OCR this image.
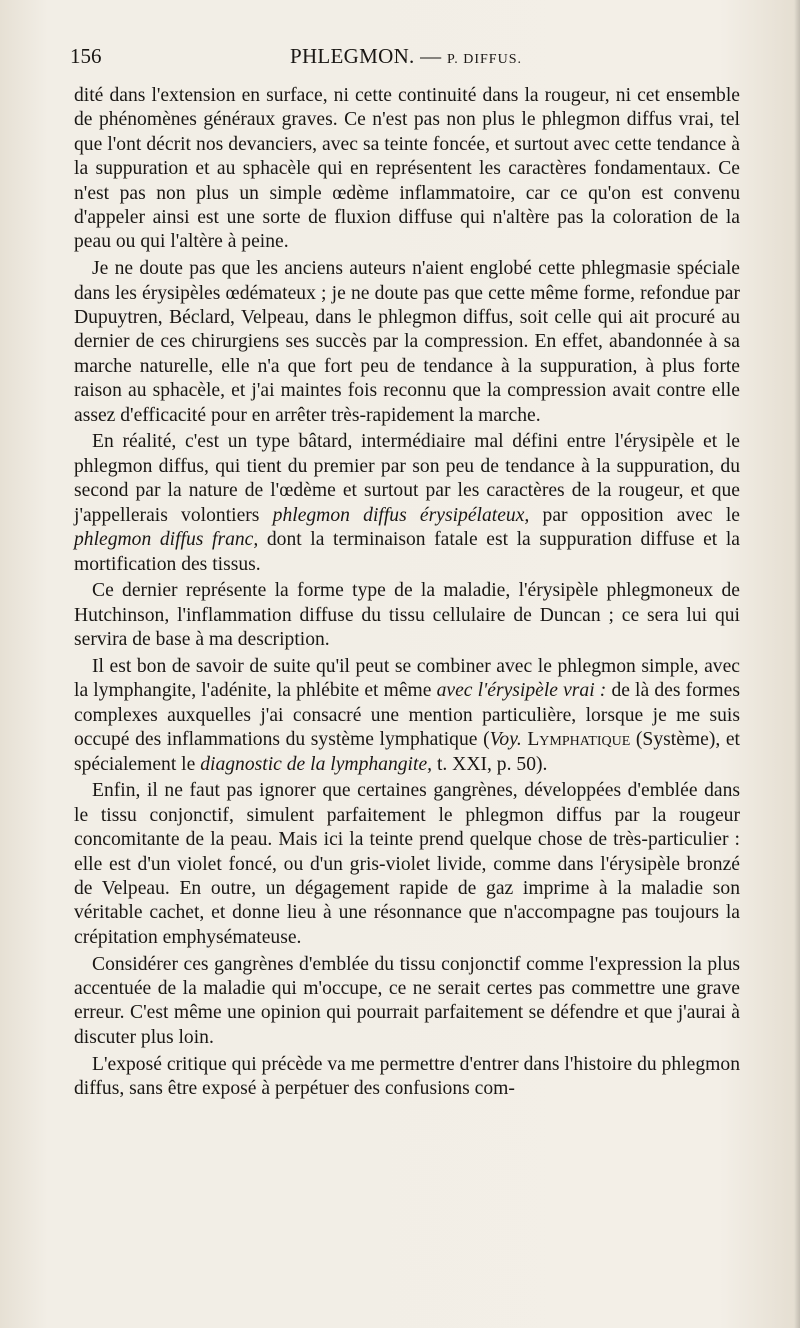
156	PHLEGMON. — P. DIFFUS.

dité dans l'extension en surface, ni cette continuité dans la rougeur, ni cet ensemble de phénomènes généraux graves. Ce n'est pas non plus le phlegmon diffus vrai, tel que l'ont décrit nos devanciers, avec sa teinte foncée, et surtout avec cette tendance à la suppuration et au sphacèle qui en représentent les caractères fondamentaux. Ce n'est pas non plus un simple œdème inflammatoire, car ce qu'on est convenu d'appeler ainsi est une sorte de fluxion diffuse qui n'altère pas la coloration de la peau ou qui l'altère à peine.

Je ne doute pas que les anciens auteurs n'aient englobé cette phlegmasie spéciale dans les érysipèles œdémateux ; je ne doute pas que cette même forme, refondue par Dupuytren, Béclard, Velpeau, dans le phlegmon diffus, soit celle qui ait procuré au dernier de ces chirurgiens ses succès par la compression. En effet, abandonnée à sa marche naturelle, elle n'a que fort peu de tendance à la suppuration, à plus forte raison au sphacèle, et j'ai maintes fois reconnu que la compression avait contre elle assez d'efficacité pour en arrêter très-rapidement la marche.

En réalité, c'est un type bâtard, intermédiaire mal défini entre l'érysipèle et le phlegmon diffus, qui tient du premier par son peu de tendance à la suppuration, du second par la nature de l'œdème et surtout par les caractères de la rougeur, et que j'appellerais volontiers phlegmon diffus érysipélateux, par opposition avec le phlegmon diffus franc, dont la terminaison fatale est la suppuration diffuse et la mortification des tissus.

Ce dernier représente la forme type de la maladie, l'érysipèle phlegmoneux de Hutchinson, l'inflammation diffuse du tissu cellulaire de Duncan ; ce sera lui qui servira de base à ma description.

Il est bon de savoir de suite qu'il peut se combiner avec le phlegmon simple, avec la lymphangite, l'adénite, la phlébite et même avec l'érysipèle vrai : de là des formes complexes auxquelles j'ai consacré une mention particulière, lorsque je me suis occupé des inflammations du système lymphatique (Voy. Lymphatique (Système), et spécialement le diagnostic de la lymphangite, t. XXI, p. 50).

Enfin, il ne faut pas ignorer que certaines gangrènes, développées d'emblée dans le tissu conjonctif, simulent parfaitement le phlegmon diffus par la rougeur concomitante de la peau. Mais ici la teinte prend quelque chose de très-particulier : elle est d'un violet foncé, ou d'un gris-violet livide, comme dans l'érysipèle bronzé de Velpeau. En outre, un dégagement rapide de gaz imprime à la maladie son véritable cachet, et donne lieu à une résonnance que n'accompagne pas toujours la crépitation emphysémateuse.

Considérer ces gangrènes d'emblée du tissu conjonctif comme l'expression la plus accentuée de la maladie qui m'occupe, ce ne serait certes pas commettre une grave erreur. C'est même une opinion qui pourrait parfaitement se défendre et que j'aurai à discuter plus loin.

L'exposé critique qui précède va me permettre d'entrer dans l'histoire du phlegmon diffus, sans être exposé à perpétuer des confusions com-
